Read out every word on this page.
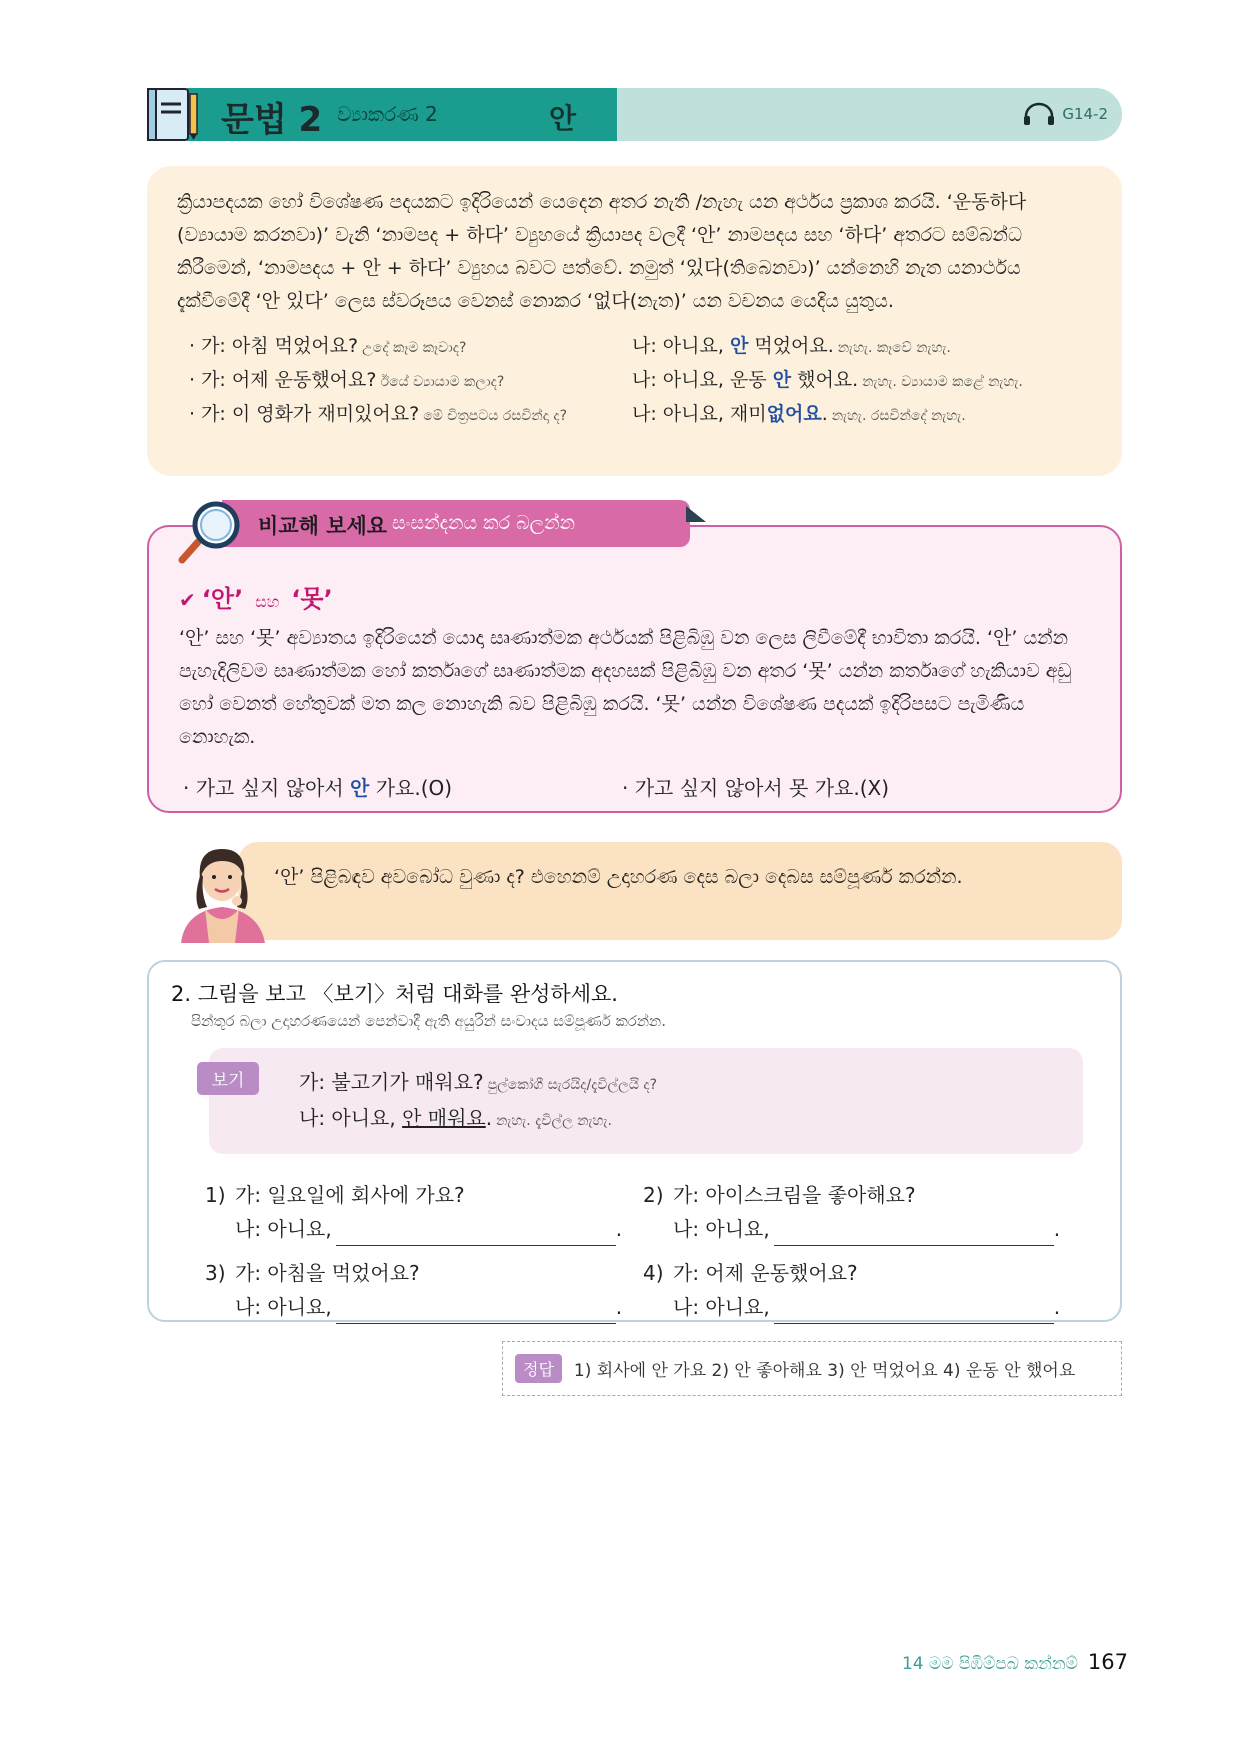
문법 2 ව්‍යාකරණ 2	안	G14-2

ක්‍රියාපදයක හෝ විශේෂණ පදයකට ඉදිරියෙන් යෙදෙන අතර නැති /නැහැ යන අර්ථය ප්‍රකාශ කරයි. ‘운동하다(ව්‍යායාම කරනවා)’ වැනි ‘නාමපද + 하다’ ව්‍යුහයේ ක්‍රියාපද වලදී ‘안’ නාමපදය සහ ‘하다’ අතරට සම්බන්ධ කිරීමෙන්, ‘නාමපදය + 안 + 하다’ ව්‍යුහය බවට පත්වේ. නමුත් ‘있다(තිබෙනවා)’ යන්නෙහි නැත යනාර්ථය දැක්වීමේදී ‘안 있다’ ලෙස ස්වරූපය වෙනස් නොකර ‘없다(නැත)’ යන වචනය යෙදිය යුතුය.

· 가: 아침 먹었어요? උදේ කෑම කෑවාද?	나: 아니요, 안 먹었어요. නැහැ. කෑවේ නැහැ.
· 가: 어제 운동했어요? ඊයේ ව්‍යායාම කලාද?	나: 아니요, 운동 안 했어요. නැහැ. ව්‍යායාම කළේ නැහැ.
· 가: 이 영화가 재미있어요? මේ චිත්‍රපටය රසවින්දා ද?	나: 아니요, 재미없어요. නැහැ. රසවින්දේ නැහැ.
✔ ‘안’ සහ ‘못’

‘안’ සහ ‘못’ අව්‍යාතය ඉදිරියෙන් යොදා සෘණාත්මක අර්ථයක් පිළිබිඹු වන ලෙස ලිවීමේදී භාවිතා කරයි. ‘안’ යන්න පැහැදිලිවම සෘණාත්මක හෝ කර්තෘගේ සෘණාත්මක අදහසක් පිළිබිඹු වන අතර ‘못’ යන්න කර්තෘගේ හැකියාව අඩු හෝ වෙනත් හේතුවක් මත කල නොහැකි බව පිළිබිඹු කරයි. ‘못’ යන්න විශේෂණ පදයක් ඉදිරිපසට පැමිණිය නොහැක.

· 가고 싶지 않아서 안 가요.(O)	· 가고 싶지 않아서 못 가요.(X)
비교해 보세요 සංසන්දනය කර බලන්න
‘안’ පිළිබඳව අවබෝධ වුණා ද? එහෙනම් උදාහරණ දෙස බලා දෙබස සම්පූර්ණ කරන්න.
2. 그림을 보고 〈보기〉처럼 대화를 완성하세요.
පින්තූර බලා උදාහරණයෙන් පෙන්වාදී ඇති අයුරින් සංවාදය සම්පූර්ණ කරන්න.
보기	가: 불고기가 매워요? පුල්කෝගී සැරයිද/දැවිල්ලයි ද?
나: 아니요, 안 매워요. නැහැ. දැවිල්ල නැහැ.
1) 가: 일요일에 회사에 가요?
나: 아니요,	.
2) 가: 아이스크림을 좋아해요?
나: 아니요,	.
3) 가: 아침을 먹었어요?
나: 아니요,	.
4) 가: 어제 운동했어요?
나: 아니요,	.
정답	1) 회사에 안 가요 2) 안 좋아해요 3) 안 먹었어요 4) 운동 안 했어요
14 මම පිඹිම්පබ කන්නම් 167
